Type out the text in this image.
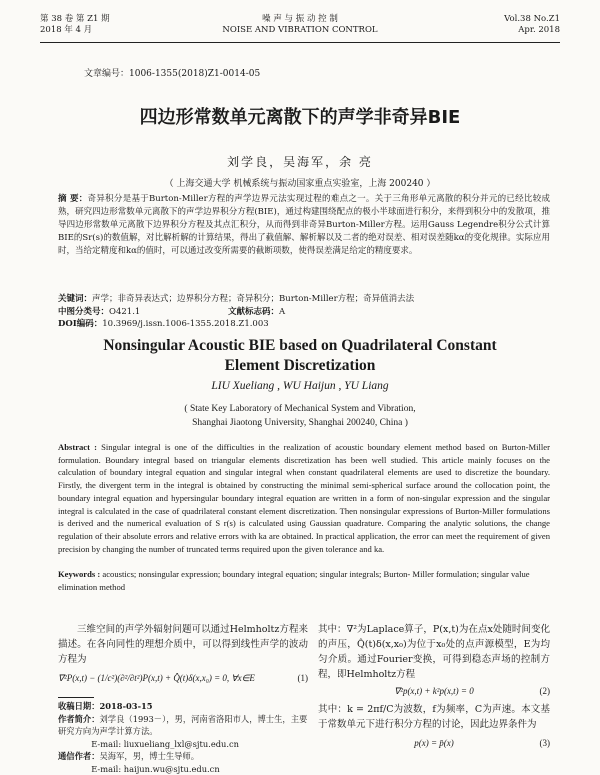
第 38 卷 第 Z1 期
2018 年 4 月
噪 声 与 振 动 控 制
NOISE AND VIBRATION CONTROL
Vol.38 No.Z1
Apr. 2018
文章编号：1006-1355(2018)Z1-0014-05
四边形常数单元离散下的声学非奇异BIE
刘学良，吴海军，余 亮
（ 上海交通大学 机械系统与振动国家重点实验室，上海 200240 ）
摘 要：奇异积分是基于Burton-Miller方程的声学边界元法实现过程的难点之一。关于三角形单元离散的积分并元的已经比较成熟，研究四边形常数单元离散下的声学边界积分方程(BIE)，通过构建围绕配点的极小半球面进行积分，来得到积分中的发散项，推导四边形常数单元离散下边界积分方程及其点汇积分，从而得到非奇异Burton-Miller方程。运用Gauss Legendre积分公式计算BIE的Sr(s)的数值解，对比解析解的计算结果，得出了截值解、解析解以及二者的绝对误差、相对误差随kα的变化规律。实际应用时，当给定精度和kα的值时，可以通过改变所需要的截断项数，使得误差满足给定的精度要求。
关键词：声学；非奇异表达式；边界积分方程；奇异积分；Burton-Miller方程；奇异值消去法
中图分类号：O421.1	文献标志码：ADOI编码：10.3969/j.issn.1006-1355.2018.Z1.003
Nonsingular Acoustic BIE based on Quadrilateral Constant
Element Discretization
LIU Xueliang , WU Haijun , YU Liang
( State Key Laboratory of Mechanical System and Vibration,
Shanghai Jiaotong University, Shanghai 200240, China )
Abstract : Singular integral is one of the difficulties in the realization of acoustic boundary element method based on Burton-Miller formulation. Boundary integral based on triangular elements discretization has been well studied. This article mainly focuses on the calculation of boundary integral equation and singular integral when constant quadrilateral elements are used to discretize the boundary. Firstly, the divergent term in the integral is obtained by constructing the minimal semi-spherical surface around the collocation point, the boundary integral equation and hypersingular boundary integral equation are written in a form of non-singular expression and the singular integral is calculated in the case of quadrilateral constant element discretization. Then nonsingular expressions of Burton-Miller formulations is derived and the numerical evaluation of S r(s) is calculated using Gaussian quadrature. Comparing the analytic solutions, the change regulation of their absolute errors and relative errors with ka are obtained. In practical application, the error can meet the requirement of given precision by changing the number of truncated terms required upon the given tolerance and ka.
Keywords : acoustics; nonsingular expression; boundary integral equation; singular integrals; Burton- Miller formulation; singular value elimination method
三维空间的声学外辐射问题可以通过Helmholtz方程来描述。在各向同性的理想介质中，可以得到线性声学的波动方程为
∇²P(x,t) − (1/c²)(∂²/∂t²)P(x,t) + Q̂(t)δ(x,x₀) = 0, ∀x∈E	(1)
收稿日期：2018-03-15
作者简介：刘学良（1993－），男，河南省洛阳市人，博士生，主要研究方向为声学计算方法。
E-mail: liuxueliang_lxl@sjtu.edu.cn
通信作者：吴海军，男，博士生导师。
E-mail: haijun.wu@sjtu.edu.cn
其中：∇²为Laplace算子，P(x,t)为在点x处随时间变化的声压，Q̂(t)δ(x,x₀)为位于x₀处的点声源模型，E为均匀介质。通过Fourier变换，可得到稳态声场的控制方程，即Helmholtz方程
∇²p(x,t) + k²p(x,t) = 0	(2)
其中：k = 2πf/C为波数，f为频率，C为声速。本文基于常数单元下进行积分方程的讨论，因此边界条件为
p(x) = p̄(x)	(3)
